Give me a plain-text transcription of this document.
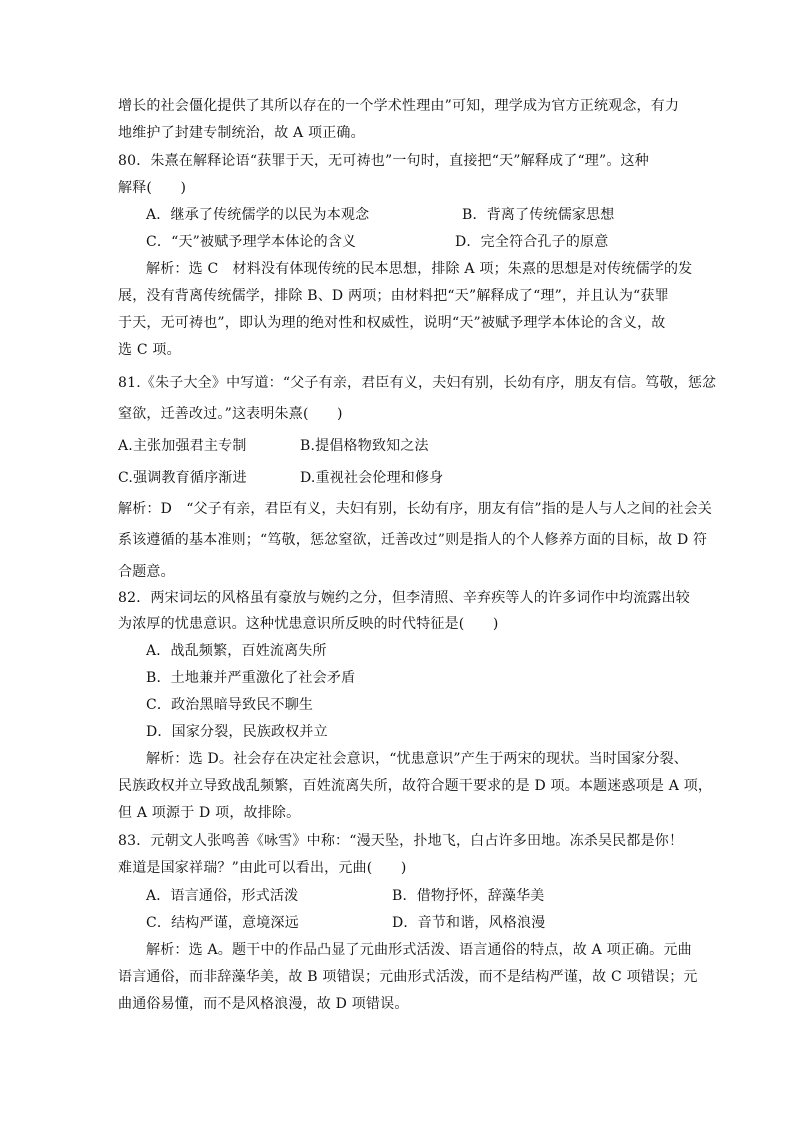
增长的社会僵化提供了其所以存在的一个学术性理由”可知，理学成为官方正统观念，有力
地维护了封建专制统治，故 A 项正确。
80．朱熹在解释论语“获罪于天，无可祷也”一句时，直接把“天”解释成了“理”。这种
解释(　　)
A．继承了传统儒学的以民为本观念	B．背离了传统儒家思想
C．“天”被赋予理学本体论的含义	D．完全符合孔子的原意
解析：选 C　材料没有体现传统的民本思想，排除 A 项；朱熹的思想是对传统儒学的发
展，没有背离传统儒学，排除 B、D 两项；由材料把“天”解释成了“理”，并且认为“获罪
于天，无可祷也”，即认为理的绝对性和权威性，说明“天”被赋予理学本体论的含义，故
选 C 项。
81.《朱子大全》中写道：“父子有亲，君臣有义，夫妇有别，长幼有序，朋友有信。笃敬，惩忿
窒欲，迁善改过。”这表明朱熹(　　)
A.主张加强君主专制	B.提倡格物致知之法
C.强调教育循序渐进	D.重视社会伦理和修身
解析：D　“父子有亲，君臣有义，夫妇有别，长幼有序，朋友有信”指的是人与人之间的社会关
系该遵循的基本准则；“笃敬，惩忿窒欲，迁善改过”则是指人的个人修养方面的目标，故 D 符
合题意。
82．两宋词坛的风格虽有豪放与婉约之分，但李清照、辛弃疾等人的许多词作中均流露出较
为浓厚的忧患意识。这种忧患意识所反映的时代特征是(　　)
A．战乱频繁，百姓流离失所
B．土地兼并严重激化了社会矛盾
C．政治黑暗导致民不聊生
D．国家分裂，民族政权并立
解析：选 D。社会存在决定社会意识，“忧患意识”产生于两宋的现状。当时国家分裂、
民族政权并立导致战乱频繁，百姓流离失所，故符合题干要求的是 D 项。本题迷惑项是 A 项，
但 A 项源于 D 项，故排除。
83．元朝文人张鸣善《咏雪》中称：“漫天坠，扑地飞，白占许多田地。冻杀吴民都是你！
难道是国家祥瑞？”由此可以看出，元曲(　　)
A．语言通俗，形式活泼	B．借物抒怀，辞藻华美
C．结构严谨，意境深远	D．音节和谐，风格浪漫
解析：选 A。题干中的作品凸显了元曲形式活泼、语言通俗的特点，故 A 项正确。元曲
语言通俗，而非辞藻华美，故 B 项错误；元曲形式活泼，而不是结构严谨，故 C 项错误；元
曲通俗易懂，而不是风格浪漫，故 D 项错误。
